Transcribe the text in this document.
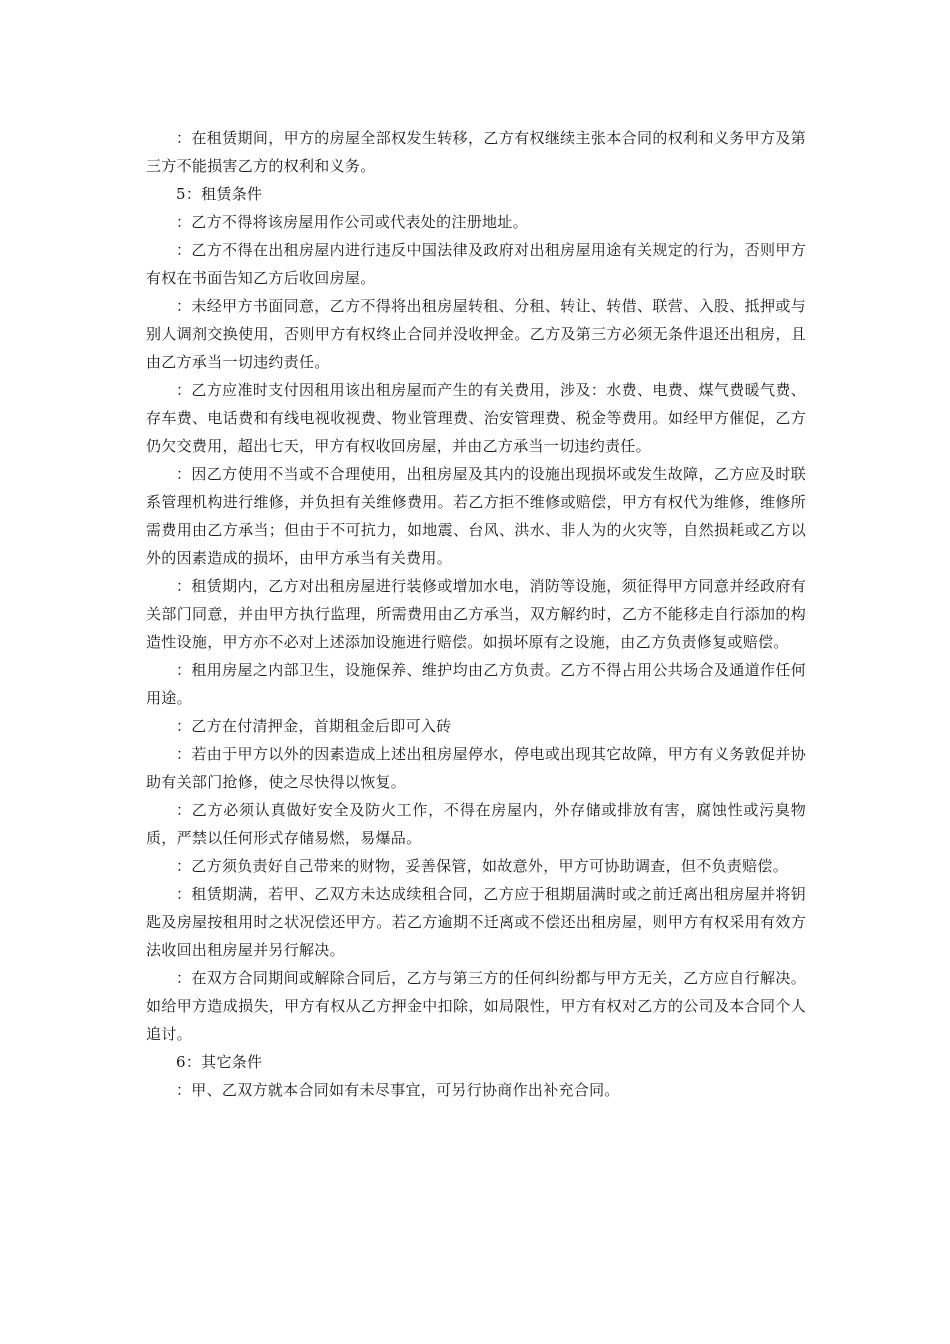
：在租赁期间，甲方的房屋全部权发生转移，乙方有权继续主张本合同的权利和义务甲方及第三方不能损害乙方的权利和义务。

5：租赁条件

：乙方不得将该房屋用作公司或代表处的注册地址。

：乙方不得在出租房屋内进行违反中国法律及政府对出租房屋用途有关规定的行为，否则甲方有权在书面告知乙方后收回房屋。

：未经甲方书面同意，乙方不得将出租房屋转租、分租、转让、转借、联营、入股、抵押或与别人调剂交换使用，否则甲方有权终止合同并没收押金。乙方及第三方必须无条件退还出租房，且由乙方承当一切违约责任。

：乙方应准时支付因租用该出租房屋而产生的有关费用，涉及：水费、电费、煤气费暖气费、存车费、电话费和有线电视收视费、物业管理费、治安管理费、税金等费用。如经甲方催促，乙方仍欠交费用，超出七天，甲方有权收回房屋，并由乙方承当一切违约责任。

：因乙方使用不当或不合理使用，出租房屋及其内的设施出现损坏或发生故障，乙方应及时联系管理机构进行维修，并负担有关维修费用。若乙方拒不维修或赔偿，甲方有权代为维修，维修所需费用由乙方承当；但由于不可抗力，如地震、台风、洪水、非人为的火灾等，自然损耗或乙方以外的因素造成的损坏，由甲方承当有关费用。

：租赁期内，乙方对出租房屋进行装修或增加水电，消防等设施，须征得甲方同意并经政府有关部门同意，并由甲方执行监理，所需费用由乙方承当，双方解约时，乙方不能移走自行添加的构造性设施，甲方亦不必对上述添加设施进行赔偿。如损坏原有之设施，由乙方负责修复或赔偿。

：租用房屋之内部卫生，设施保养、维护均由乙方负责。乙方不得占用公共场合及通道作任何用途。

：乙方在付清押金，首期租金后即可入砖

：若由于甲方以外的因素造成上述出租房屋停水，停电或出现其它故障，甲方有义务敦促并协助有关部门抢修，使之尽快得以恢复。

：乙方必须认真做好安全及防火工作，不得在房屋内，外存储或排放有害，腐蚀性或污臭物质，严禁以任何形式存储易燃，易爆品。

：乙方须负责好自己带来的财物，妥善保管，如故意外，甲方可协助调查，但不负责赔偿。

：租赁期满，若甲、乙双方未达成续租合同，乙方应于租期届满时或之前迁离出租房屋并将钥匙及房屋按租用时之状况偿还甲方。若乙方逾期不迁离或不偿还出租房屋，则甲方有权采用有效方法收回出租房屋并另行解决。

：在双方合同期间或解除合同后，乙方与第三方的任何纠纷都与甲方无关，乙方应自行解决。如给甲方造成损失，甲方有权从乙方押金中扣除，如局限性，甲方有权对乙方的公司及本合同个人追讨。

6：其它条件

：甲、乙双方就本合同如有未尽事宜，可另行协商作出补充合同。
